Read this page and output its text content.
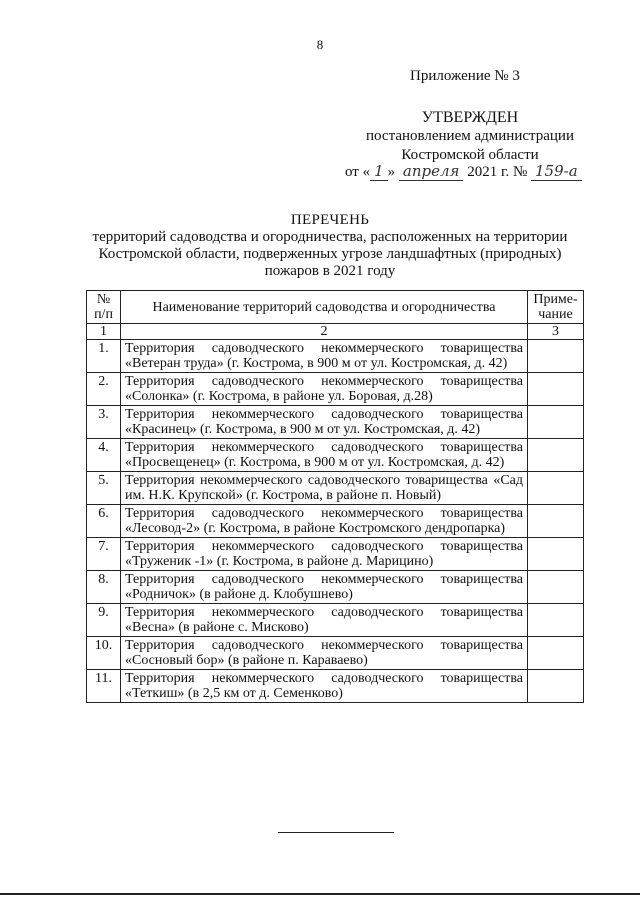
8
Приложение № 3
УТВЕРЖДЕН
постановлением администрации
Костромской области
от « 1 » апреля 2021 г. № 159-а
ПЕРЕЧЕНЬ
территорий садоводства и огородничества, расположенных на территории Костромской области, подверженных угрозе ландшафтных (природных) пожаров в 2021 году
№ п/п	Наименование территорий садоводства и огородничества	Приме-чание
1	2	3
1.	Территория садоводческого некоммерческого товарищества «Ветеран труда» (г. Кострома, в 900 м от ул. Костромская, д. 42)	
2.	Территория садоводческого некоммерческого товарищества «Солонка» (г. Кострома, в районе ул. Боровая, д.28)	
3.	Территория некоммерческого садоводческого товарищества «Красинец» (г. Кострома, в 900 м от ул. Костромская, д. 42)	
4.	Территория некоммерческого садоводческого товарищества «Просвещенец» (г. Кострома, в 900 м от ул. Костромская, д. 42)	
5.	Территория некоммерческого садоводческого товарищества «Сад им. Н.К. Крупской» (г. Кострома, в районе п. Новый)	
6.	Территория садоводческого некоммерческого товарищества «Лесовод-2» (г. Кострома, в районе Костромского дендропарка)	
7.	Территория некоммерческого садоводческого товарищества «Труженик -1» (г. Кострома, в районе д. Марицино)	
8.	Территория садоводческого некоммерческого товарищества «Родничок» (в районе д. Клобушнево)	
9.	Территория некоммерческого садоводческого товарищества «Весна» (в районе с. Мисково)	
10.	Территория садоводческого некоммерческого товарищества «Сосновый бор» (в районе п. Караваево)	
11.	Территория некоммерческого садоводческого товарищества «Теткиш» (в 2,5 км от д. Семенково)	
